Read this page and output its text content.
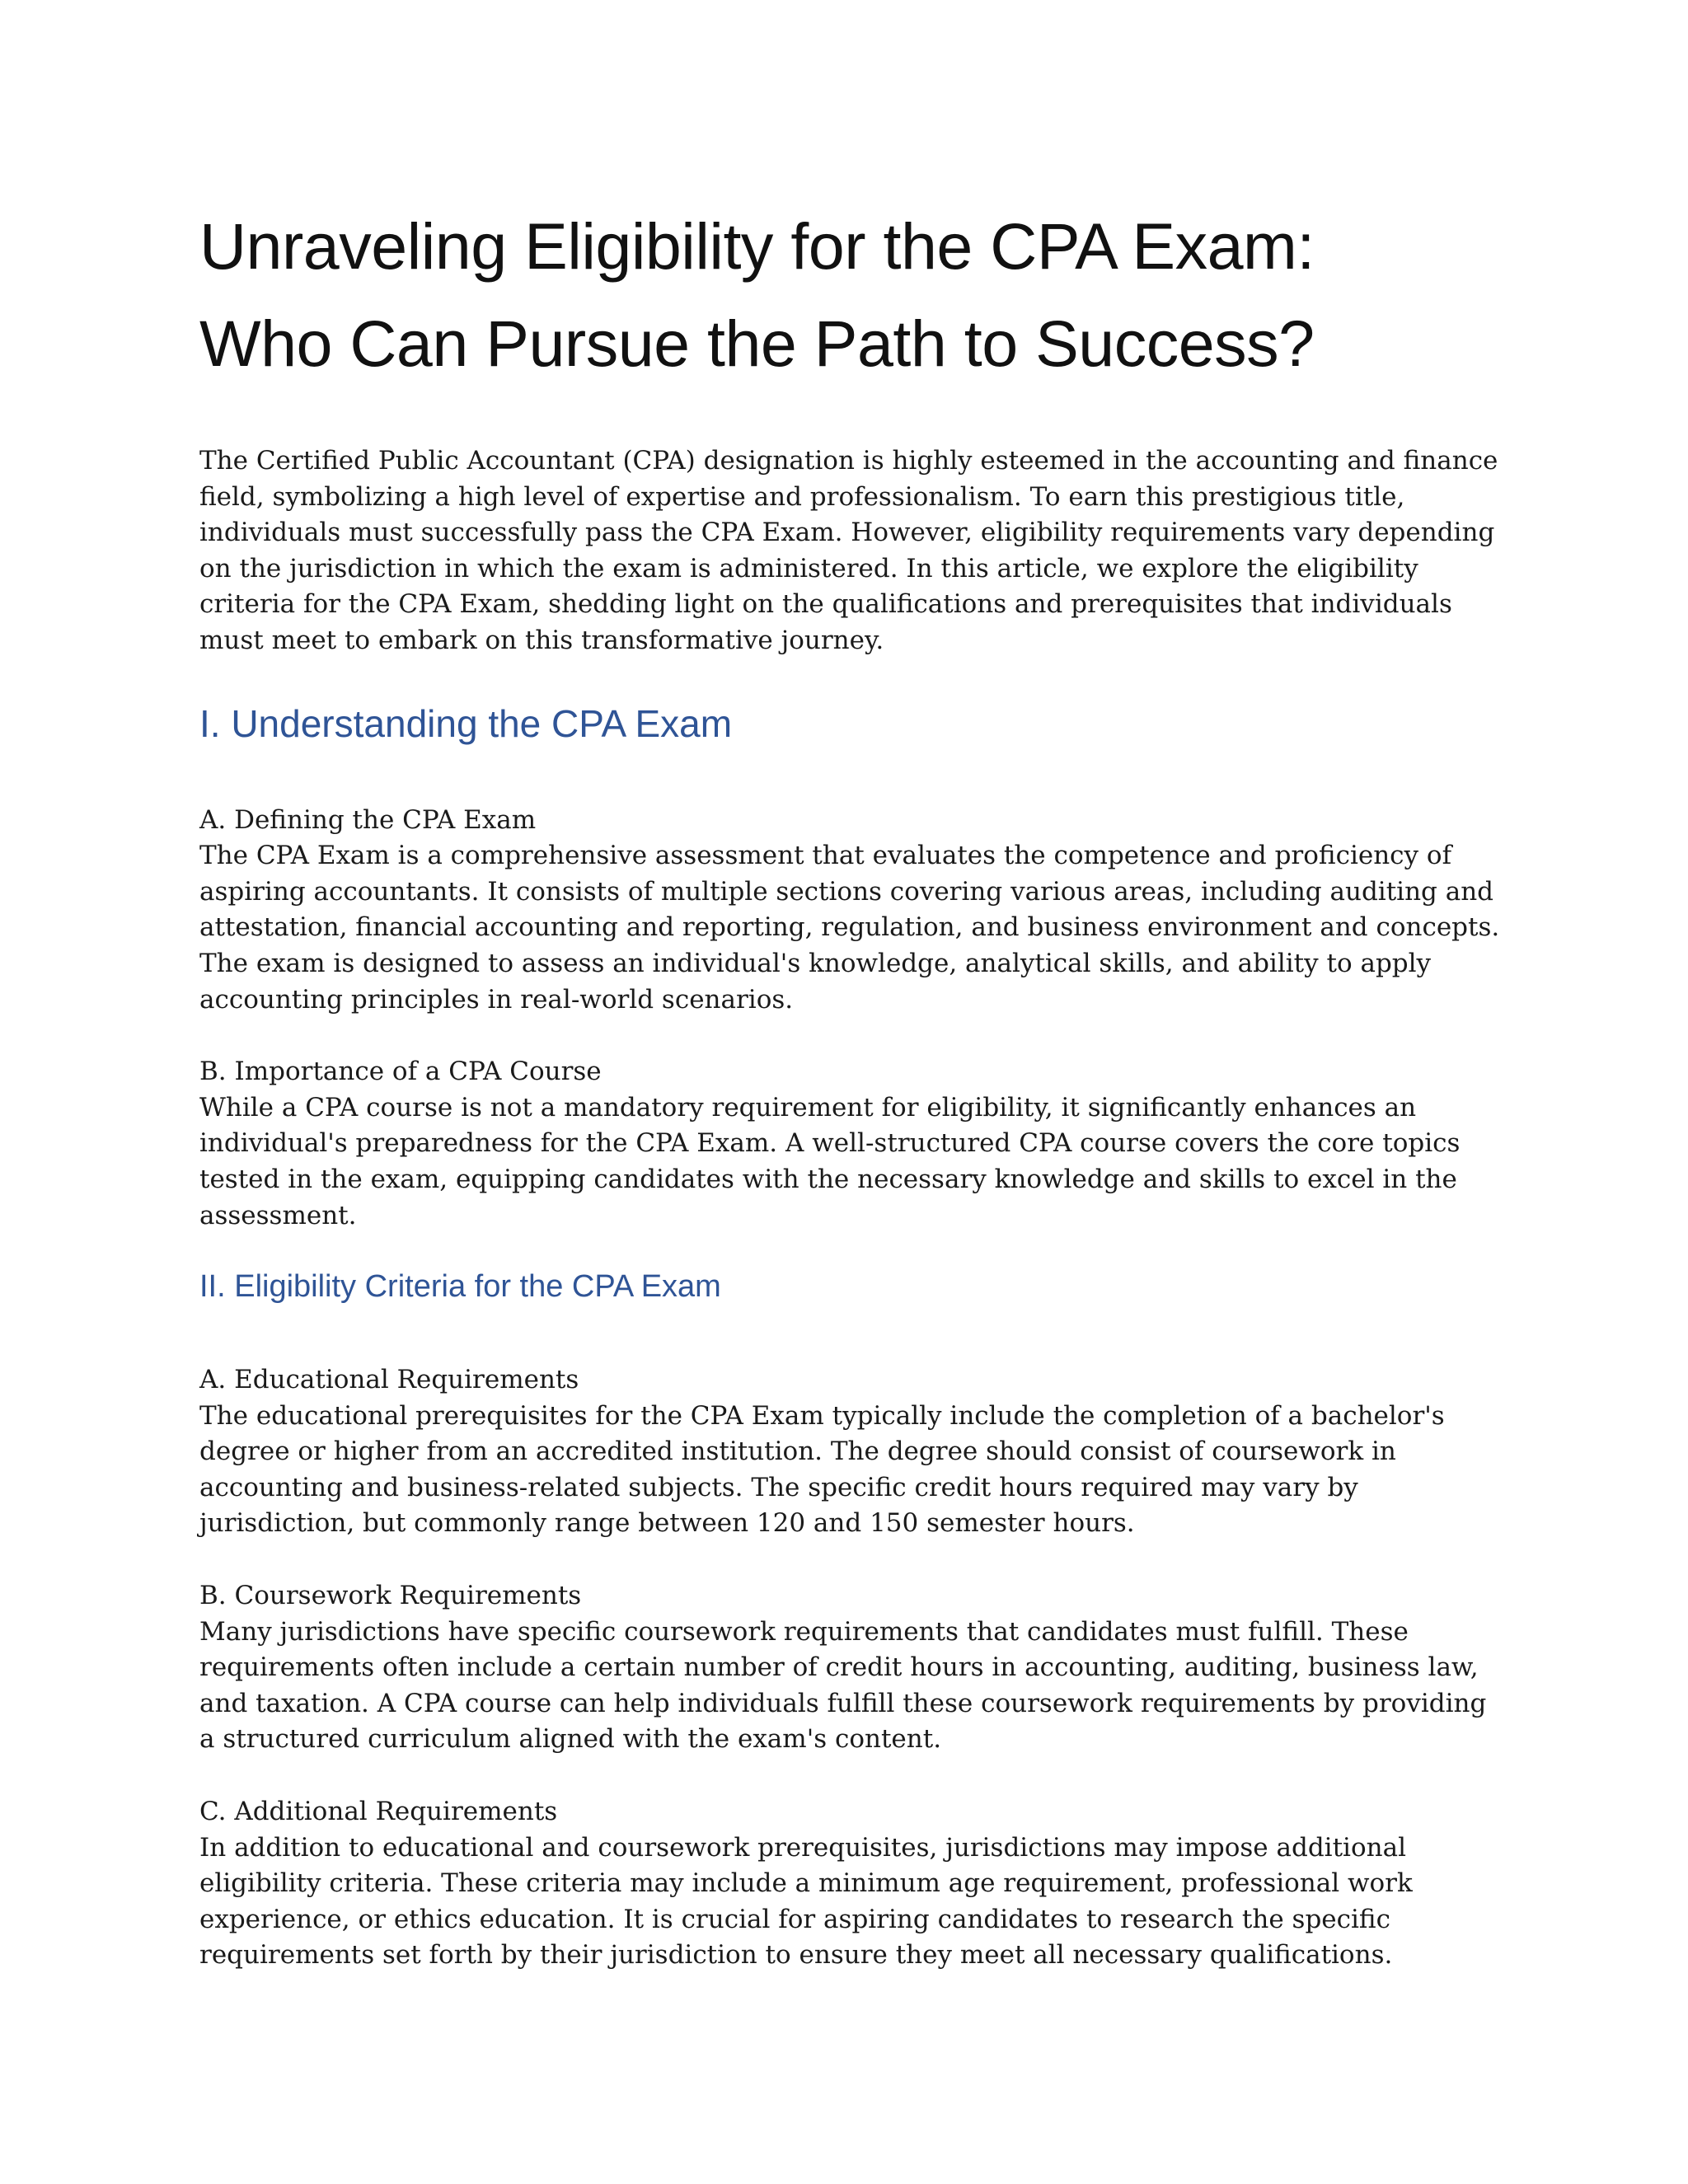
Unraveling Eligibility for the CPA Exam:
Who Can Pursue the Path to Success?

The Certified Public Accountant (CPA) designation is highly esteemed in the accounting and finance field, symbolizing a high level of expertise and professionalism. To earn this prestigious title, individuals must successfully pass the CPA Exam. However, eligibility requirements vary depending on the jurisdiction in which the exam is administered. In this article, we explore the eligibility criteria for the CPA Exam, shedding light on the qualifications and prerequisites that individuals must meet to embark on this transformative journey.

I. Understanding the CPA Exam

A. Defining the CPA Exam

The CPA Exam is a comprehensive assessment that evaluates the competence and proficiency of aspiring accountants. It consists of multiple sections covering various areas, including auditing and attestation, financial accounting and reporting, regulation, and business environment and concepts. The exam is designed to assess an individual's knowledge, analytical skills, and ability to apply accounting principles in real-world scenarios.

B. Importance of a CPA Course

While a CPA course is not a mandatory requirement for eligibility, it significantly enhances an individual's preparedness for the CPA Exam. A well-structured CPA course covers the core topics tested in the exam, equipping candidates with the necessary knowledge and skills to excel in the assessment.

II. Eligibility Criteria for the CPA Exam

A. Educational Requirements

The educational prerequisites for the CPA Exam typically include the completion of a bachelor's degree or higher from an accredited institution. The degree should consist of coursework in accounting and business-related subjects. The specific credit hours required may vary by jurisdiction, but commonly range between 120 and 150 semester hours.

B. Coursework Requirements

Many jurisdictions have specific coursework requirements that candidates must fulfill. These requirements often include a certain number of credit hours in accounting, auditing, business law, and taxation. A CPA course can help individuals fulfill these coursework requirements by providing a structured curriculum aligned with the exam's content.

C. Additional Requirements

In addition to educational and coursework prerequisites, jurisdictions may impose additional eligibility criteria. These criteria may include a minimum age requirement, professional work experience, or ethics education. It is crucial for aspiring candidates to research the specific requirements set forth by their jurisdiction to ensure they meet all necessary qualifications.
